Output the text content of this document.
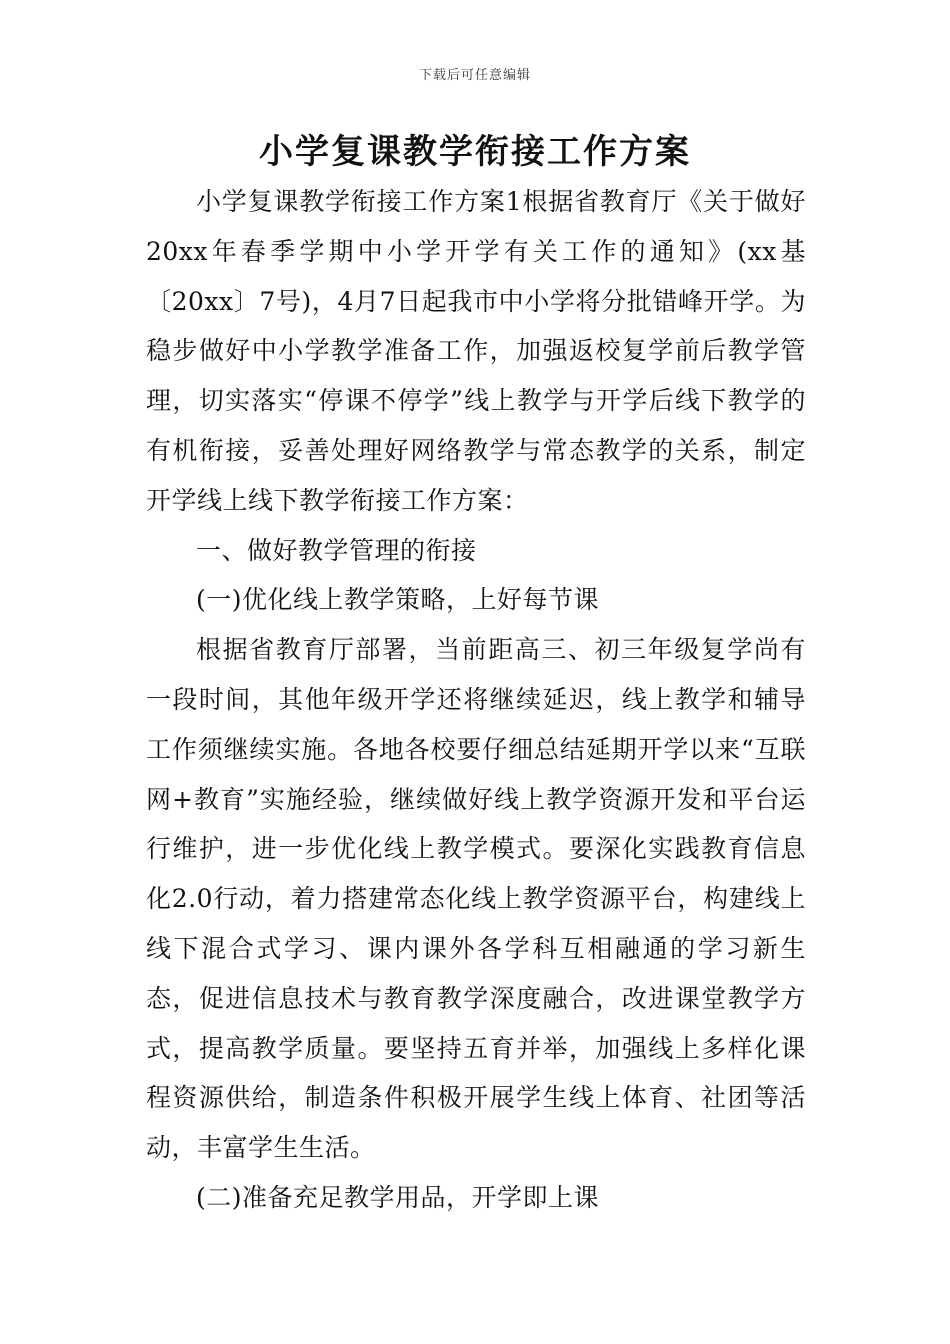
下载后可任意编辑
小学复课教学衔接工作方案

小学复课教学衔接工作方案1根据省教育厅《关于做好20xx年春季学期中小学开学有关工作的通知》(xx基〔20xx〕7号)，4月7日起我市中小学将分批错峰开学。为稳步做好中小学教学准备工作，加强返校复学前后教学管理，切实落实“停课不停学”线上教学与开学后线下教学的有机衔接，妥善处理好网络教学与常态教学的关系，制定开学线上线下教学衔接工作方案：

一、做好教学管理的衔接

(一)优化线上教学策略，上好每节课

根据省教育厅部署，当前距高三、初三年级复学尚有一段时间，其他年级开学还将继续延迟，线上教学和辅导工作须继续实施。各地各校要仔细总结延期开学以来“互联网+教育”实施经验，继续做好线上教学资源开发和平台运行维护，进一步优化线上教学模式。要深化实践教育信息化2.0行动，着力搭建常态化线上教学资源平台，构建线上线下混合式学习、课内课外各学科互相融通的学习新生态，促进信息技术与教育教学深度融合，改进课堂教学方式，提高教学质量。要坚持五育并举，加强线上多样化课程资源供给，制造条件积极开展学生线上体育、社团等活动，丰富学生生活。

(二)准备充足教学用品，开学即上课
